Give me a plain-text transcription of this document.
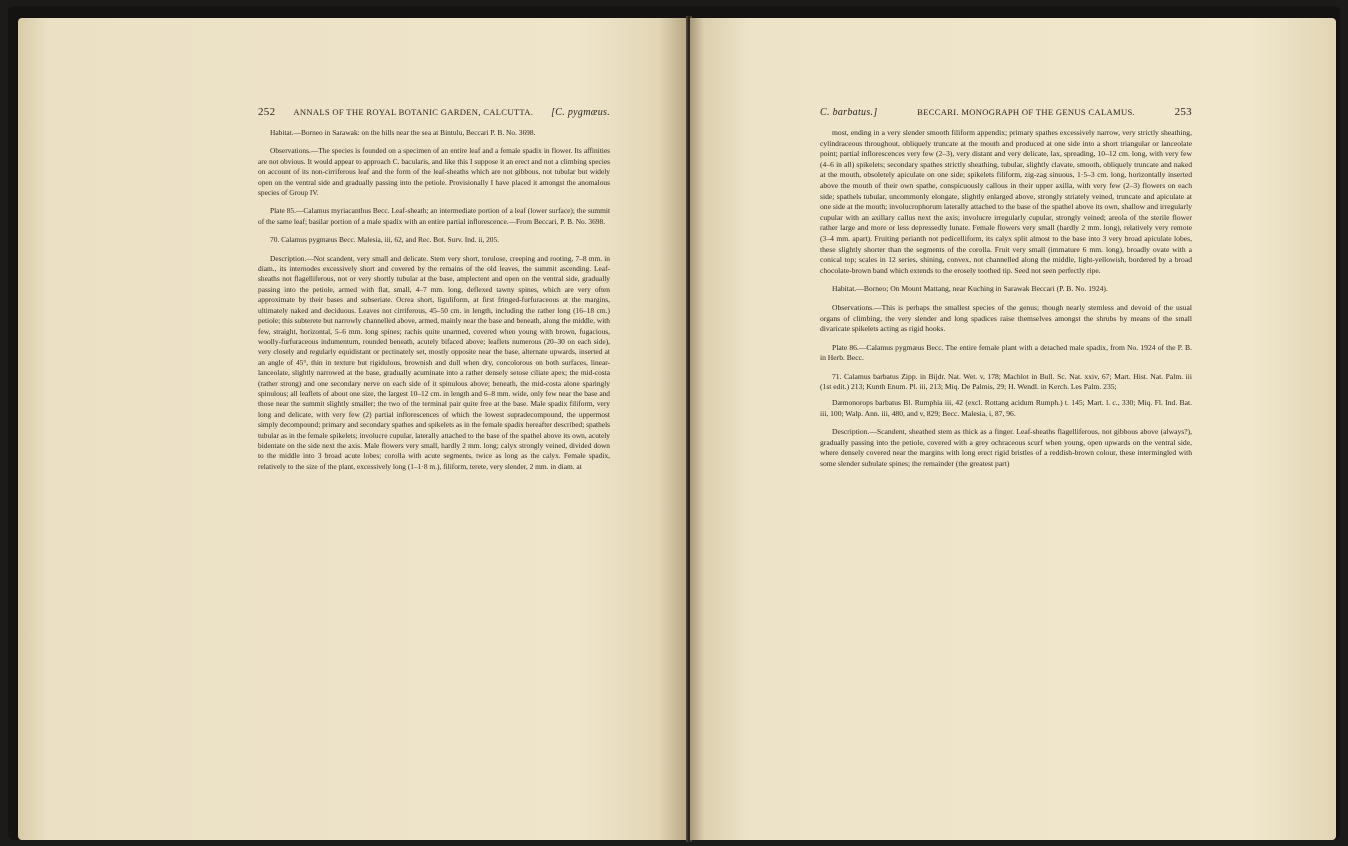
252 ANNALS OF THE ROYAL BOTANIC GARDEN, CALCUTTA. [C. pygmæus.

Habitat.—Borneo in Sarawak: on the hills near the sea at Bintulu, Beccari P. B. No. 3698.

Observations.—The species is founded on a specimen of an entire leaf and a female spadix in flower. Its affinities are not obvious. It would appear to approach C. bacularis, and like this I suppose it an erect and not a climbing species on account of its non-cirriferous leaf and the form of the leaf-sheaths which are not gibbous, not tubular but widely open on the ventral side and gradually passing into the petiole. Provisionally I have placed it amongst the anomalous species of Group IV.

Plate 85.—Calamus myriacanthus Becc. Leaf-sheath; an intermediate portion of a leaf (lower surface); the summit of the same leaf; basilar portion of a male spadix with an entire partial inflorescence.—From Beccari, P. B. No. 3698.

70. Calamus pygmæus Becc. Malesia, iii, 62, and Rec. Bot. Surv. Ind. ii, 205.

Description.—Not scandent, very small and delicate. Stem very short, torulose, creeping and rooting, 7–8 mm. in diam., its internodes excessively short and covered by the remains of the old leaves, the summit ascending. Leaf-sheaths not flagelliferous, not or very shortly tubular at the base, amplectent and open on the ventral side, gradually passing into the petiole, armed with flat, small, 4–7 mm. long, deflexed tawny spines, which are very often approximate by their bases and subseriate. Ocrea short, liguliform, at first fringed-furfuraceous at the margins, ultimately naked and deciduous. Leaves not cirriferous, 45–50 cm. in length, including the rather long (16–18 cm.) petiole; this subterete but narrowly channelled above, armed, mainly near the base and beneath, along the middle, with few, straight, horizontal, 5–6 mm. long spines; rachis quite unarmed, covered when young with brown, fugacious, woolly-furfuraceous indumentum, rounded beneath, acutely bifaced above; leaflets numerous (20–30 on each side), very closely and regularly equidistant or pectinately set, mostly opposite near the base, alternate upwards, inserted at an angle of 45°, thin in texture but rigidulous, brownish and dull when dry, concolorous on both surfaces, linear-lanceolate, slightly narrowed at the base, gradually acuminate into a rather densely setose ciliate apex; the mid-costa (rather strong) and one secondary nerve on each side of it spinulous above; beneath, the mid-costa alone sparingly spinulous; all leaflets of about one size, the largest 10–12 cm. in length and 6–8 mm. wide, only few near the base and those near the summit slightly smaller; the two of the terminal pair quite free at the base. Male spadix filiform, very long and delicate, with very few (2) partial inflorescences of which the lowest supradecompound, the uppermost simply decompound; primary and secondary spathes and spikelets as in the female spadix hereafter described; spathels tubular as in the female spikelets; involucre cupular, laterally attached to the base of the spathel above its own, acutely bidentate on the side next the axis. Male flowers very small, hardly 2 mm. long; calyx strongly veined, divided down to the middle into 3 broad acute lobes; corolla with acute segments, twice as long as the calyx. Female spadix, relatively to the size of the plant, excessively long (1–1·8 m.), filiform, terete, very slender, 2 mm. in diam. at

C. barbatus.]	BECCARI. MONOGRAPH OF THE GENUS CALAMUS.	253

most, ending in a very slender smooth filiform appendix; primary spathes excessively narrow, very strictly sheathing, cylindraceous throughout, obliquely truncate at the mouth and produced at one side into a short triangular or lanceolate point; partial inflorescences very few (2–3), very distant and very delicate, lax, spreading, 10–12 cm. long, with very few (4–6 in all) spikelets; secondary spathes strictly sheathing, tubular, slightly clavate, smooth, obliquely truncate and naked at the mouth, obsoletely apiculate on one side; spikelets filiform, zig-zag sinuous, 1·5–3 cm. long, horizontally inserted above the mouth of their own spathe, conspicuously callous in their upper axilla, with very few (2–3) flowers on each side; spathels tubular, uncommonly elongate, slightly enlarged above, strongly striately veined, truncate and apiculate at one side at the mouth; involucrophorum laterally attached to the base of the spathel above its own, shallow and irregularly cupular with an axillary callus next the axis; involucre irregularly cupular, strongly veined; areola of the sterile flower rather large and more or less depressedly lunate. Female flowers very small (hardly 2 mm. long), relatively very remote (3–4 mm. apart). Fruiting perianth not pedicelliform, its calyx split almost to the base into 3 very broad apiculate lobes, these slightly shorter than the segments of the corolla. Fruit very small (immature 6 mm. long), broadly ovate with a conical top; scales in 12 series, shining, convex, not channelled along the middle, light-yellowish, bordered by a broad chocolate-brown band which extends to the erosely toothed tip. Seed not seen perfectly ripe.

Habitat.—Borneo; On Mount Mattang, near Kuching in Sarawak Beccari (P. B. No. 1924).

Observations.—This is perhaps the smallest species of the genus; though nearly stemless and devoid of the usual organs of climbing, the very slender and long spadices raise themselves amongst the shrubs by means of the small divaricate spikelets acting as rigid hooks.

Plate 86.—Calamus pygmæus Becc. The entire female plant with a detached male spadix, from No. 1924 of the P. B. in Herb. Becc.

71. Calamus barbatus Zipp. in Bijdr. Nat. Wet. v, 178; Machlot in Bull. Sc. Nat. xxiv, 67; Mart. Hist. Nat. Palm. iii (1st edit.) 213; Kunth Enum. Pl. iii, 213; Miq. De Palmis, 29; H. Wendl. in Kerch. Les Palm. 235;

Dæmonorops barbatus Bl. Rumphia iii, 42 (excl. Rottang acidum Rumph.) t. 145; Mart. l. c., 330; Miq. Fl. Ind. Bat. iii, 100; Walp. Ann. iii, 480, and v, 829; Becc. Malesia, i, 87, 96.

Description.—Scandent, sheathed stem as thick as a finger. Leaf-sheaths flagelliferous, not gibbous above (always?), gradually passing into the petiole, covered with a grey ochraceous scurf when young, open upwards on the ventral side, where densely covered near the margins with long erect rigid bristles of a reddish-brown colour, these intermingled with some slender subulate spines; the remainder (the greatest part)
